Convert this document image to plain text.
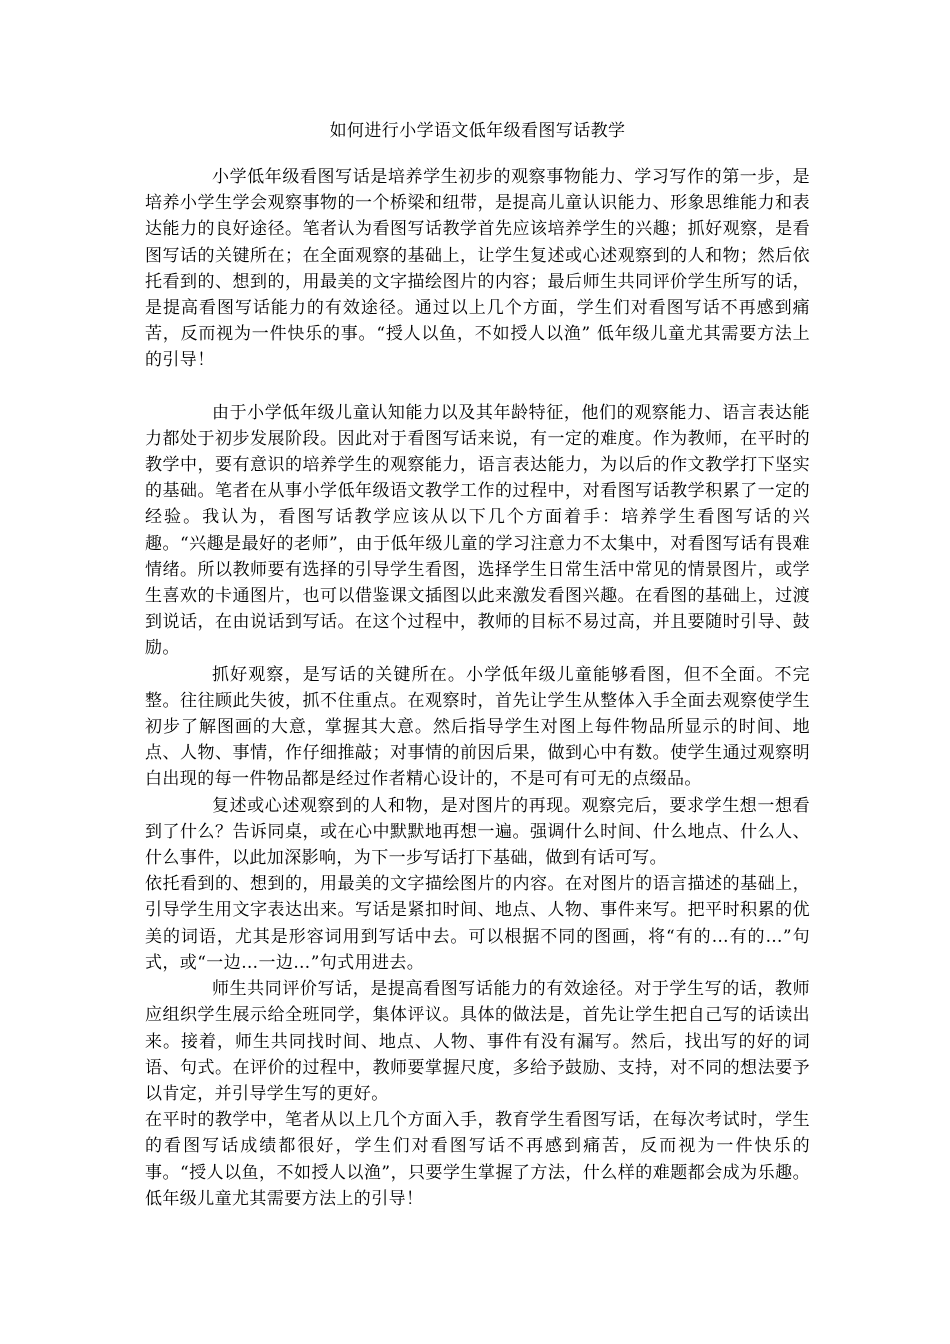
如何进行小学语文低年级看图写话教学

小学低年级看图写话是培养学生初步的观察事物能力、学习写作的第一步，是培养小学生学会观察事物的一个桥梁和纽带，是提高儿童认识能力、形象思维能力和表达能力的良好途径。笔者认为看图写话教学首先应该培养学生的兴趣；抓好观察，是看图写话的关键所在；在全面观察的基础上，让学生复述或心述观察到的人和物；然后依托看到的、想到的，用最美的文字描绘图片的内容；最后师生共同评价学生所写的话，是提高看图写话能力的有效途径。通过以上几个方面，学生们对看图写话不再感到痛苦，反而视为一件快乐的事。“授人以鱼，不如授人以渔” 低年级儿童尤其需要方法上的引导！

由于小学低年级儿童认知能力以及其年龄特征，他们的观察能力、语言表达能力都处于初步发展阶段。因此对于看图写话来说，有一定的难度。作为教师，在平时的教学中，要有意识的培养学生的观察能力，语言表达能力，为以后的作文教学打下坚实的基础。笔者在从事小学低年级语文教学工作的过程中，对看图写话教学积累了一定的经验。我认为，看图写话教学应该从以下几个方面着手：培养学生看图写话的兴趣。“兴趣是最好的老师”，由于低年级儿童的学习注意力不太集中，对看图写话有畏难情绪。所以教师要有选择的引导学生看图，选择学生日常生活中常见的情景图片，或学生喜欢的卡通图片，也可以借鉴课文插图以此来激发看图兴趣。在看图的基础上，过渡到说话，在由说话到写话。在这个过程中，教师的目标不易过高，并且要随时引导、鼓励。

抓好观察，是写话的关键所在。小学低年级儿童能够看图，但不全面。不完整。往往顾此失彼，抓不住重点。在观察时，首先让学生从整体入手全面去观察使学生初步了解图画的大意，掌握其大意。然后指导学生对图上每件物品所显示的时间、地点、人物、事情，作仔细推敲；对事情的前因后果，做到心中有数。使学生通过观察明白出现的每一件物品都是经过作者精心设计的，不是可有可无的点缀品。

复述或心述观察到的人和物，是对图片的再现。观察完后，要求学生想一想看到了什么？告诉同桌，或在心中默默地再想一遍。强调什么时间、什么地点、什么人、什么事件，以此加深影响，为下一步写话打下基础，做到有话可写。

依托看到的、想到的，用最美的文字描绘图片的内容。在对图片的语言描述的基础上，引导学生用文字表达出来。写话是紧扣时间、地点、人物、事件来写。把平时积累的优美的词语，尤其是形容词用到写话中去。可以根据不同的图画，将“有的…有的…”句式，或“一边…一边…”句式用进去。

师生共同评价写话，是提高看图写话能力的有效途径。对于学生写的话，教师应组织学生展示给全班同学，集体评议。具体的做法是，首先让学生把自己写的话读出来。接着，师生共同找时间、地点、人物、事件有没有漏写。然后，找出写的好的词语、句式。在评价的过程中，教师要掌握尺度，多给予鼓励、支持，对不同的想法要予以肯定，并引导学生写的更好。

在平时的教学中，笔者从以上几个方面入手，教育学生看图写话，在每次考试时，学生的看图写话成绩都很好，学生们对看图写话不再感到痛苦，反而视为一件快乐的事。“授人以鱼，不如授人以渔”，只要学生掌握了方法，什么样的难题都会成为乐趣。低年级儿童尤其需要方法上的引导！
